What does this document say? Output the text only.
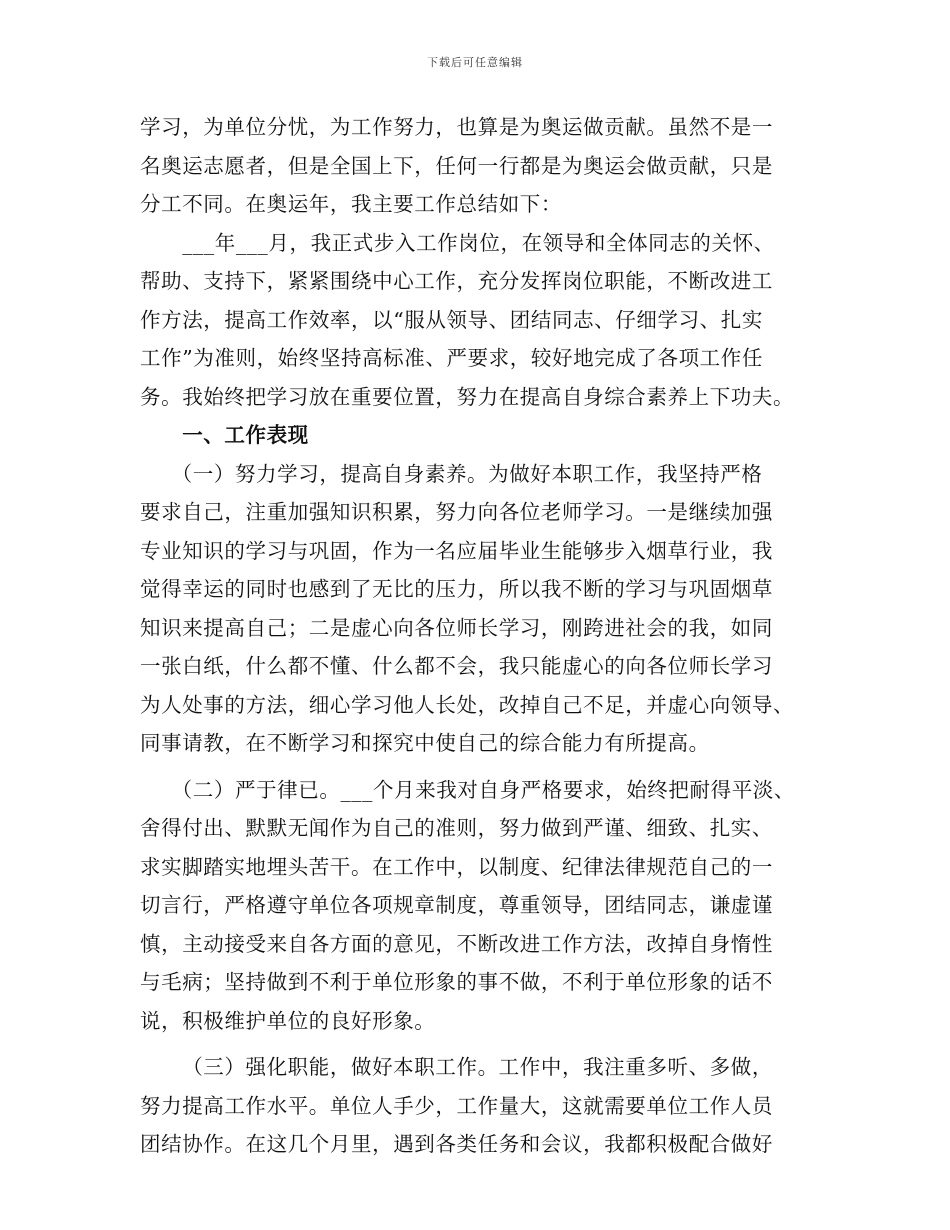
下载后可任意编辑
学习，为单位分忧，为工作努力，也算是为奥运做贡献。虽然不是一
名奥运志愿者，但是全国上下，任何一行都是为奥运会做贡献，只是
分工不同。在奥运年，我主要工作总结如下：
___年___月，我正式步入工作岗位，在领导和全体同志的关怀、
帮助、支持下，紧紧围绕中心工作，充分发挥岗位职能，不断改进工
作方法，提高工作效率，以“服从领导、团结同志、仔细学习、扎实
工作”为准则，始终坚持高标准、严要求，较好地完成了各项工作任
务。我始终把学习放在重要位置，努力在提高自身综合素养上下功夫。
一、工作表现
（一）努力学习，提高自身素养。为做好本职工作，我坚持严格
要求自己，注重加强知识积累，努力向各位老师学习。一是继续加强
专业知识的学习与巩固，作为一名应届毕业生能够步入烟草行业，我
觉得幸运的同时也感到了无比的压力，所以我不断的学习与巩固烟草
知识来提高自己；二是虚心向各位师长学习，刚跨进社会的我，如同
一张白纸，什么都不懂、什么都不会，我只能虚心的向各位师长学习
为人处事的方法，细心学习他人长处，改掉自己不足，并虚心向领导、
同事请教，在不断学习和探究中使自己的综合能力有所提高。
（二）严于律已。___个月来我对自身严格要求，始终把耐得平淡、
舍得付出、默默无闻作为自己的准则，努力做到严谨、细致、扎实、
求实脚踏实地埋头苦干。在工作中，以制度、纪律法律规范自己的一
切言行，严格遵守单位各项规章制度，尊重领导，团结同志，谦虚谨
慎，主动接受来自各方面的意见，不断改进工作方法，改掉自身惰性
与毛病；坚持做到不利于单位形象的事不做，不利于单位形象的话不
说，积极维护单位的良好形象。
（三）强化职能，做好本职工作。工作中，我注重多听、多做，
努力提高工作水平。单位人手少，工作量大，这就需要单位工作人员
团结协作。在这几个月里，遇到各类任务和会议，我都积极配合做好
